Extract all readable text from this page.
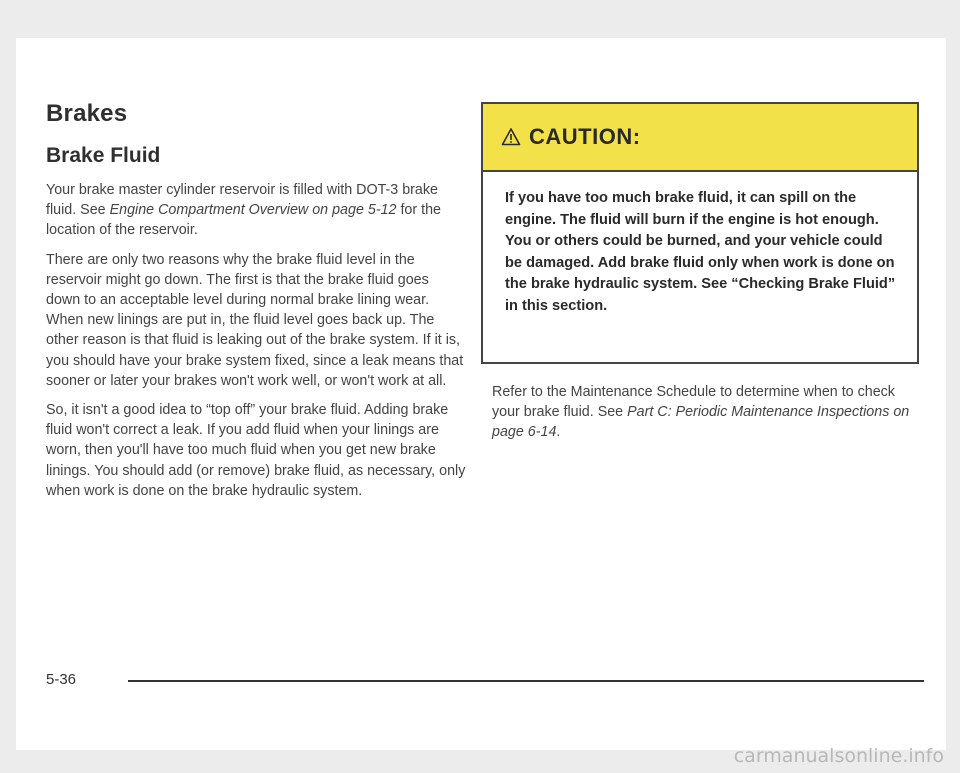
Brakes
Brake Fluid

Your brake master cylinder reservoir is filled with DOT-3 brake fluid. See Engine Compartment Overview on page 5-12 for the location of the reservoir.

There are only two reasons why the brake fluid level in the reservoir might go down. The first is that the brake fluid goes down to an acceptable level during normal brake lining wear. When new linings are put in, the fluid level goes back up. The other reason is that fluid is leaking out of the brake system. If it is, you should have your brake system fixed, since a leak means that sooner or later your brakes won't work well, or won't work at all.

So, it isn't a good idea to “top off” your brake fluid. Adding brake fluid won't correct a leak. If you add fluid when your linings are worn, then you'll have too much fluid when you get new brake linings. You should add (or remove) brake fluid, as necessary, only when work is done on the brake hydraulic system.

CAUTION:
If you have too much brake fluid, it can spill on the engine. The fluid will burn if the engine is hot enough. You or others could be burned, and your vehicle could be damaged. Add brake fluid only when work is done on the brake hydraulic system. See “Checking Brake Fluid” in this section.

Refer to the Maintenance Schedule to determine when to check your brake fluid. See Part C: Periodic Maintenance Inspections on page 6-14.

5-36
carmanualsonline.info
